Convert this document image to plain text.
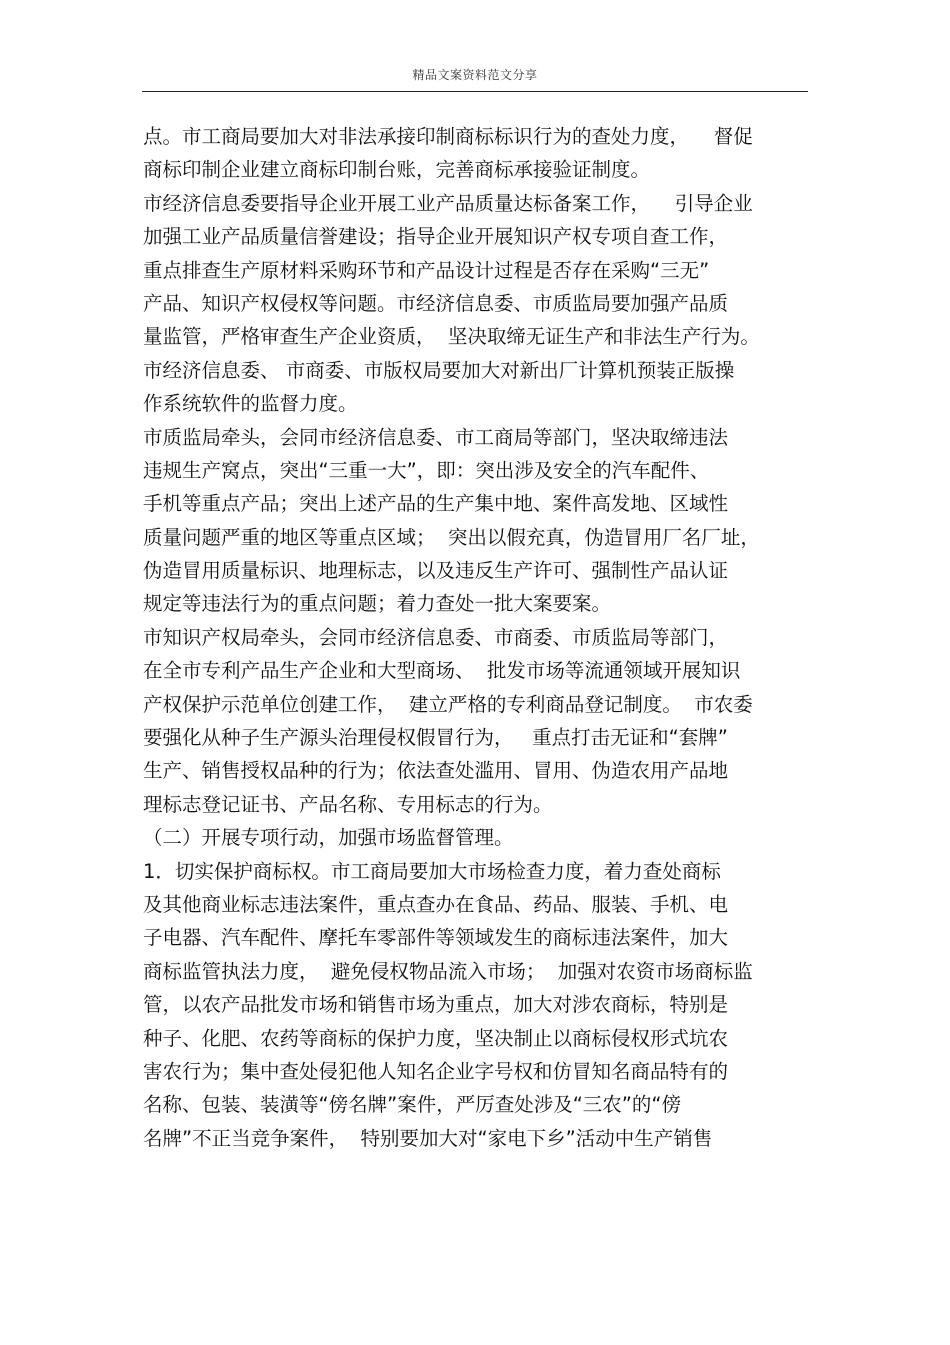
精品文案资料范文分享
点。市工商局要加大对非法承接印制商标标识行为的查处力度，    督促
商标印制企业建立商标印制台账，完善商标承接验证制度。
市经济信息委要指导企业开展工业产品质量达标备案工作，    引导企业
加强工业产品质量信誉建设；指导企业开展知识产权专项自查工作，
重点排查生产原材料采购环节和产品设计过程是否存在采购“三无”
产品、知识产权侵权等问题。市经济信息委、市质监局要加强产品质
量监管，严格审查生产企业资质，  坚决取缔无证生产和非法生产行为。
市经济信息委、 市商委、市版权局要加大对新出厂计算机预装正版操
作系统软件的监督力度。
市质监局牵头，会同市经济信息委、市工商局等部门，坚决取缔违法
违规生产窝点，突出“三重一大”，即：突出涉及安全的汽车配件、
手机等重点产品；突出上述产品的生产集中地、案件高发地、区域性
质量问题严重的地区等重点区域；  突出以假充真，伪造冒用厂名厂址，
伪造冒用质量标识、地理标志，以及违反生产许可、强制性产品认证
规定等违法行为的重点问题；着力查处一批大案要案。
市知识产权局牵头，会同市经济信息委、市商委、市质监局等部门，
在全市专利产品生产企业和大型商场、  批发市场等流通领域开展知识
产权保护示范单位创建工作，  建立严格的专利商品登记制度。  市农委
要强化从种子生产源头治理侵权假冒行为，   重点打击无证和“套牌”
生产、销售授权品种的行为；依法查处滥用、冒用、伪造农用产品地
理标志登记证书、产品名称、专用标志的行为。
（二）开展专项行动，加强市场监督管理。
1．切实保护商标权。市工商局要加大市场检查力度，着力查处商标
及其他商业标志违法案件，重点查办在食品、药品、服装、手机、电
子电器、汽车配件、摩托车零部件等领域发生的商标违法案件，加大
商标监管执法力度，  避免侵权物品流入市场；  加强对农资市场商标监
管，以农产品批发市场和销售市场为重点，加大对涉农商标，特别是
种子、化肥、农药等商标的保护力度，坚决制止以商标侵权形式坑农
害农行为；集中查处侵犯他人知名企业字号权和仿冒知名商品特有的
名称、包装、装潢等“傍名牌”案件，严厉查处涉及“三农”的“傍
名牌”不正当竞争案件，  特别要加大对“家电下乡”活动中生产销售
